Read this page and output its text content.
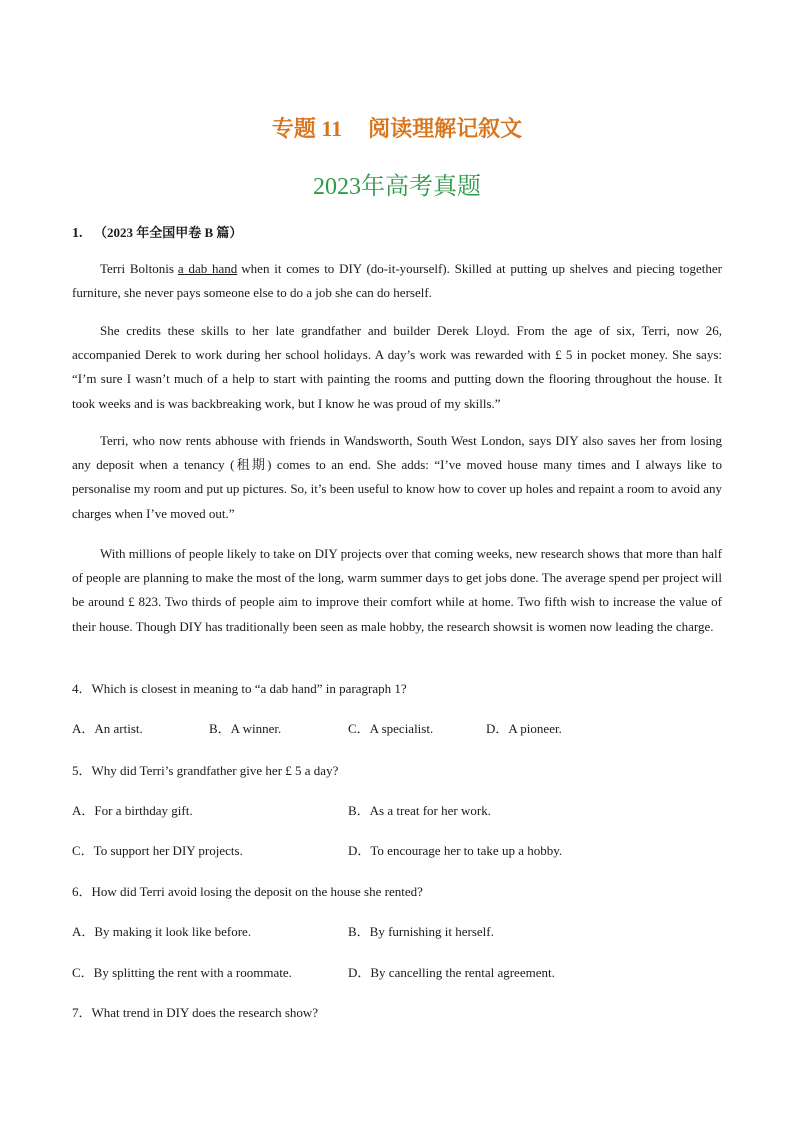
专题 11 阅读理解记叙文
2023年高考真题
1. （2023 年全国甲卷 B 篇）

Terri Boltonis a dab hand when it comes to DIY (do-it-yourself). Skilled at putting up shelves and piecing together furniture, she never pays someone else to do a job she can do herself.

She credits these skills to her late grandfather and builder Derek Lloyd. From the age of six, Terri, now 26, accompanied Derek to work during her school holidays. A day’s work was rewarded with £ 5 in pocket money. She says: “I’m sure I wasn’t much of a help to start with painting the rooms and putting down the flooring throughout the house. It took weeks and is was backbreaking work, but I know he was proud of my skills.”

Terri, who now rents abhouse with friends in Wandsworth, South West London, says DIY also saves her from losing any deposit when a tenancy (租期) comes to an end. She adds: “I’ve moved house many times and I always like to personalise my room and put up pictures. So, it’s been useful to know how to cover up holes and repaint a room to avoid any charges when I’ve moved out.”

With millions of people likely to take on DIY projects over that coming weeks, new research shows that more than half of people are planning to make the most of the long, warm summer days to get jobs done. The average spend per project will be around £ 823. Two thirds of people aim to improve their comfort while at home. Two fifth wish to increase the value of their house. Though DIY has traditionally been seen as male hobby, the research showsit is women now leading the charge.

4．Which is closest in meaning to “a dab hand” in paragraph 1?
A．An artist.	B．A winner.	C．A specialist.	D．A pioneer.
5．Why did Terri’s grandfather give her £ 5 a day?
A．For a birthday gift.	B．As a treat for her work.
C．To support her DIY projects.	D．To encourage her to take up a hobby.
6．How did Terri avoid losing the deposit on the house she rented?
A．By making it look like before.	B．By furnishing it herself.
C．By splitting the rent with a roommate.	D．By cancelling the rental agreement.
7．What trend in DIY does the research show?
